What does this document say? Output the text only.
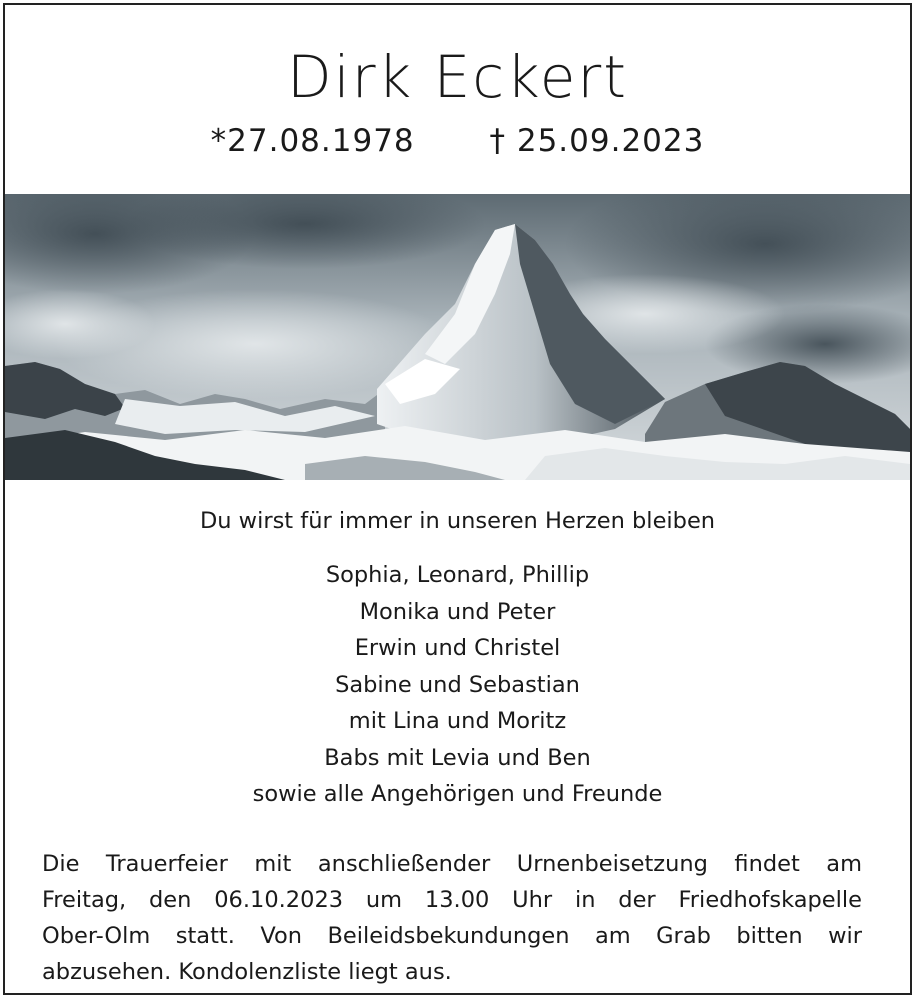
Dirk Eckert
*27.08.1978 † 25.09.2023
Du wirst für immer in unseren Herzen bleiben
Sophia, Leonard, Phillip
Monika und Peter
Erwin und Christel
Sabine und Sebastian
mit Lina und Moritz
Babs mit Levia und Ben
sowie alle Angehörigen und Freunde
Die Trauerfeier mit anschließender Urnenbeisetzung findet am
Freitag, den 06.10.2023 um 13.00 Uhr in der Friedhofskapelle
Ober-Olm statt. Von Beileidsbekundungen am Grab bitten wir
abzusehen. Kondolenzliste liegt aus.
